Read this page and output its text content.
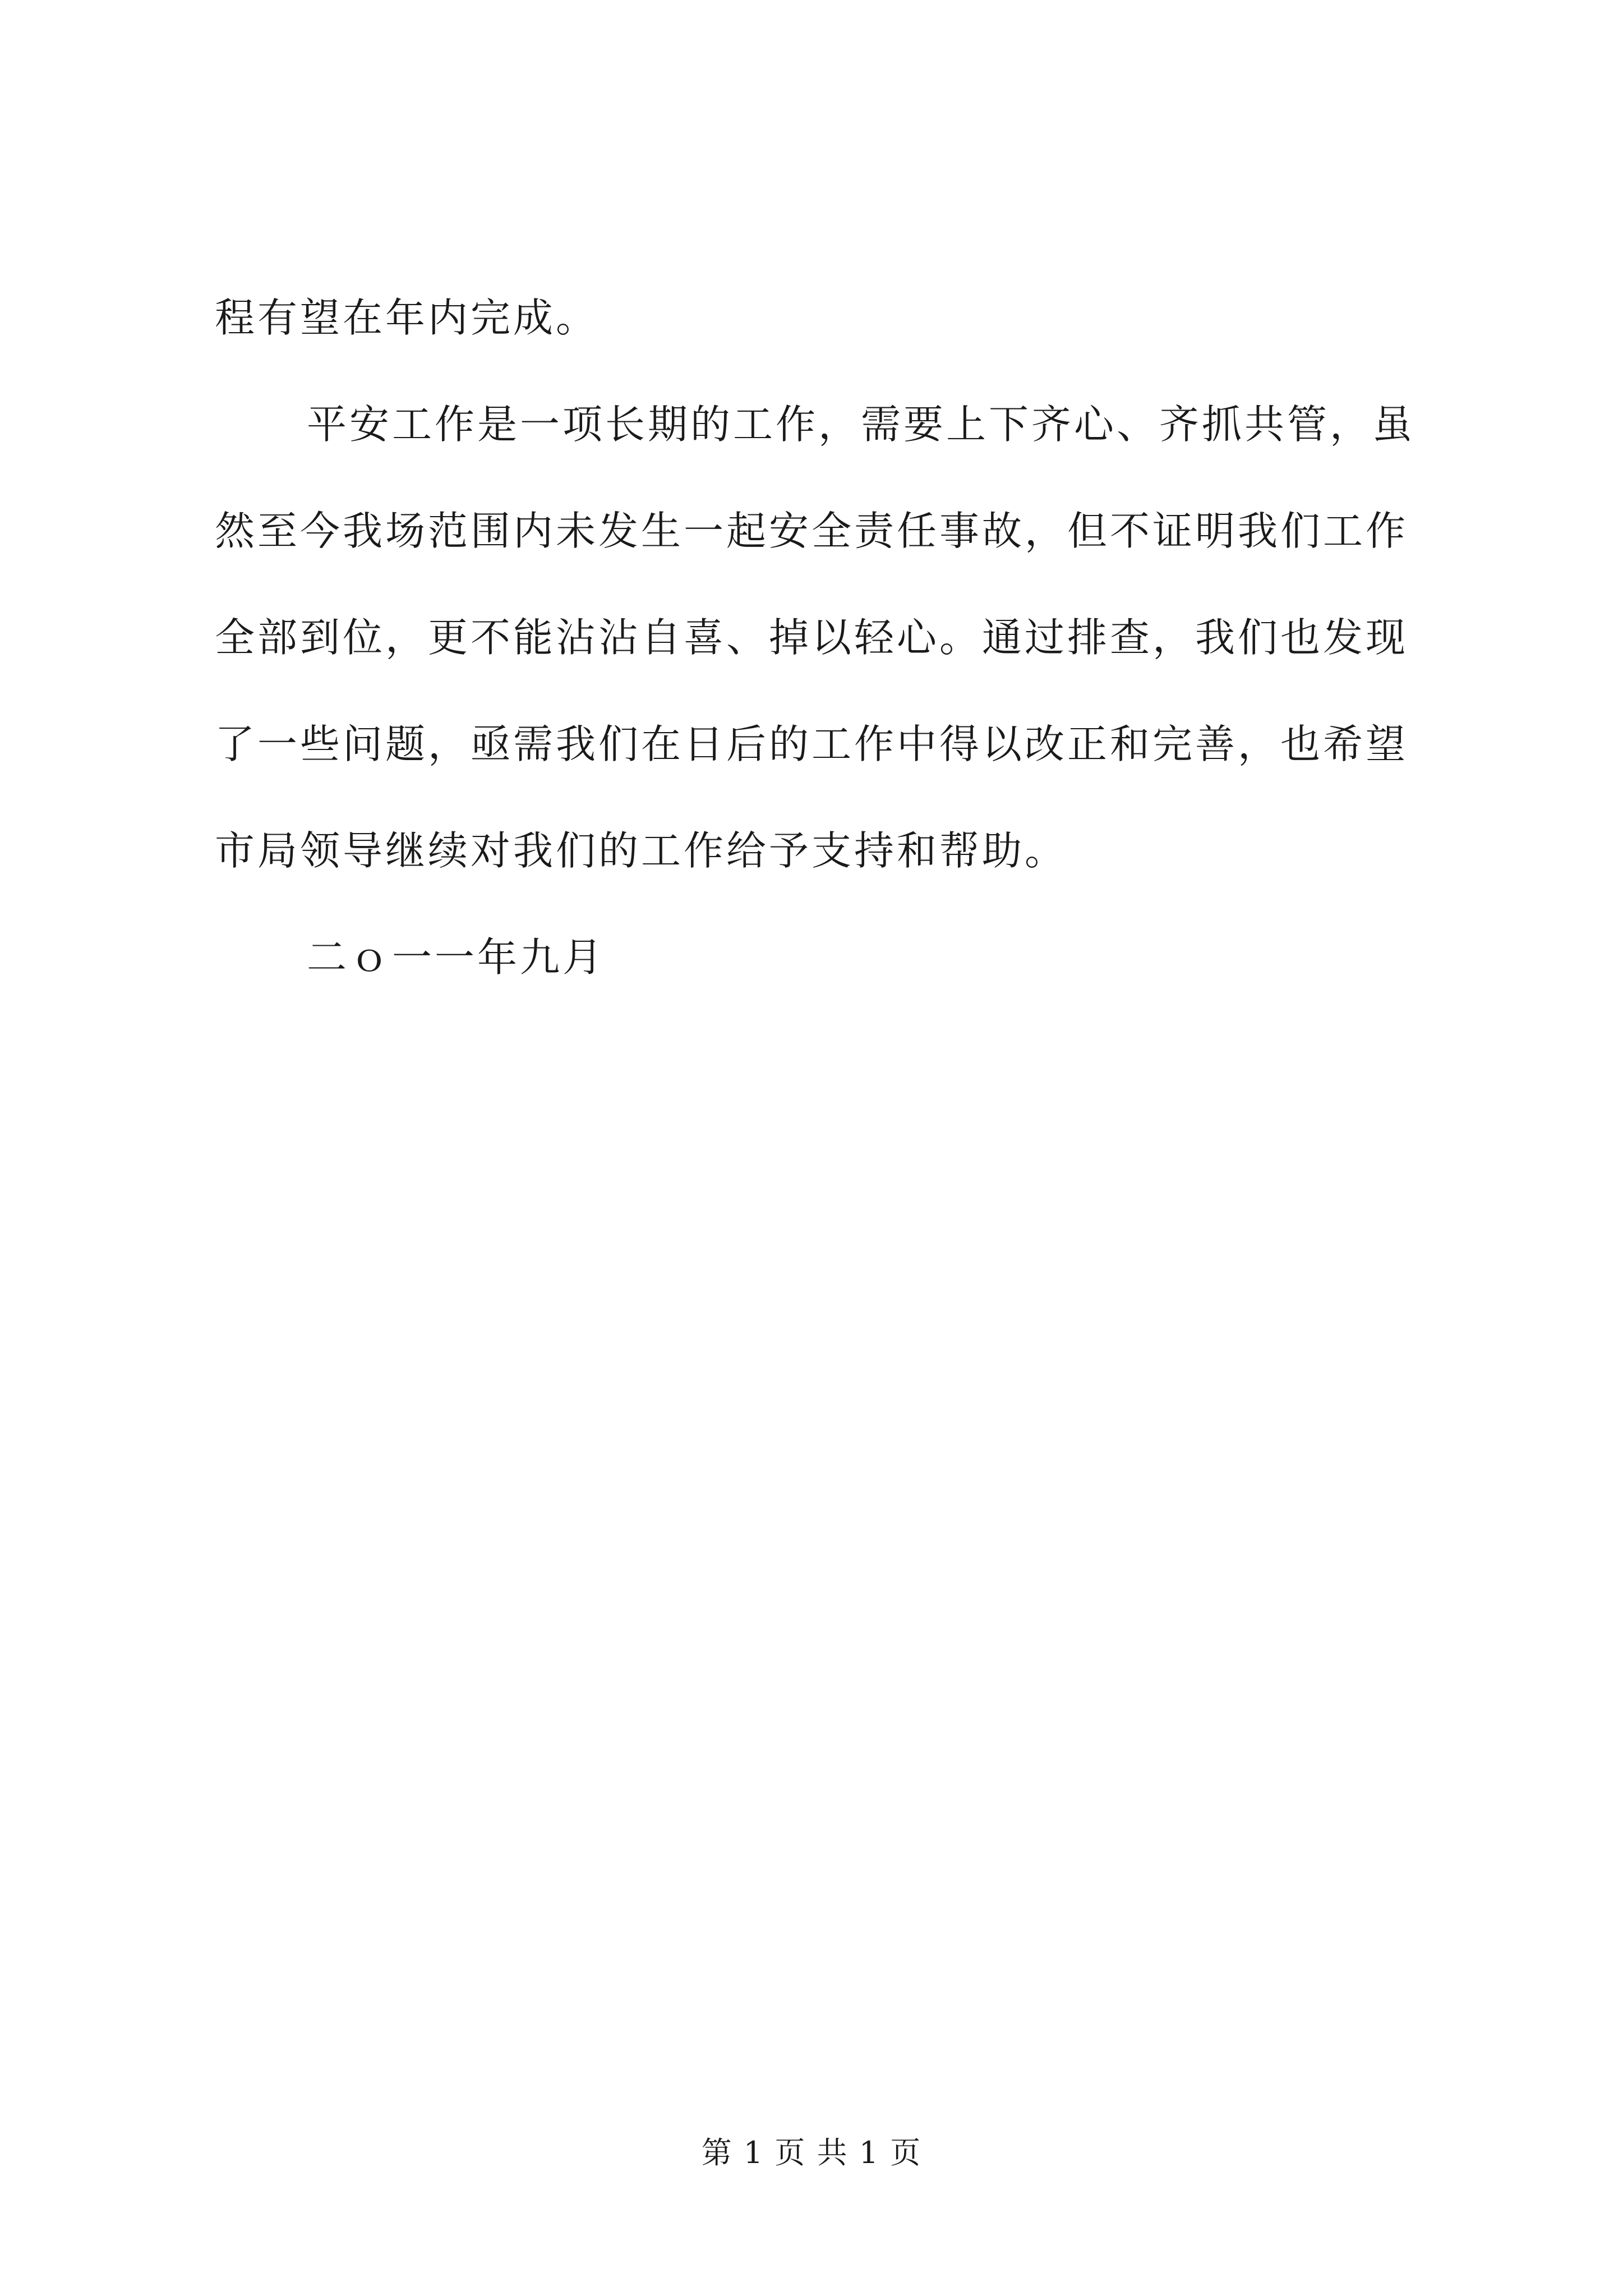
程有望在年内完成。
平安工作是一项长期的工作，需要上下齐心、齐抓共管，虽
然至今我场范围内未发生一起安全责任事故，但不证明我们工作
全部到位，更不能沾沾自喜、掉以轻心。通过排查，我们也发现
了一些问题，亟需我们在日后的工作中得以改正和完善，也希望
市局领导继续对我们的工作给予支持和帮助。
二ｏ一一年九月
第 1 页 共 1 页
